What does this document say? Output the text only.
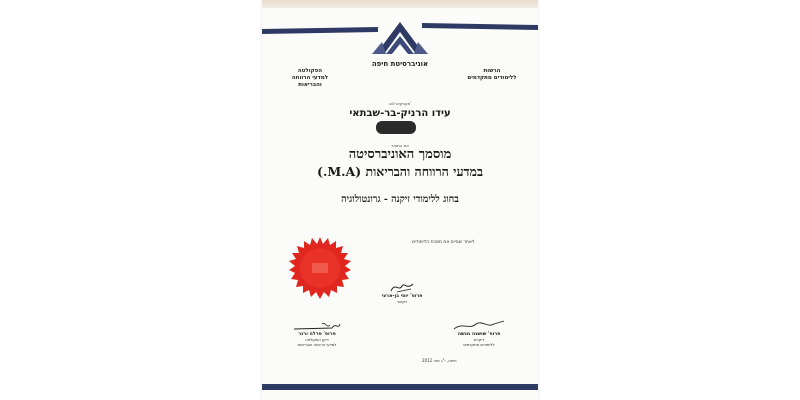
אוניברסיטת חיפה
הפקולטה
למדעי הרווחה והבריאות
הרשות
ללימודים מתקדמים
מעניקים לגב'
עידו הרניק-בר-שבתאי
את התואר
מוסמך האוניברסיטה
במדעי הרווחה והבריאות (M.A.)
בחוג ללימודי זיקנה - גרונטולוגיה
לאחר שסיים את מסכת הלימודים
פרופ' יוסי בן-ארצי
רקטור
פרופ' פרלה ורנר
דיקן הפקולטה
למדעי הרווחה והבריאות
פרופ' שושנה מנשה
דיקנית
ללימודים מתקדמים
חיפה, י"ג מאי 2012
